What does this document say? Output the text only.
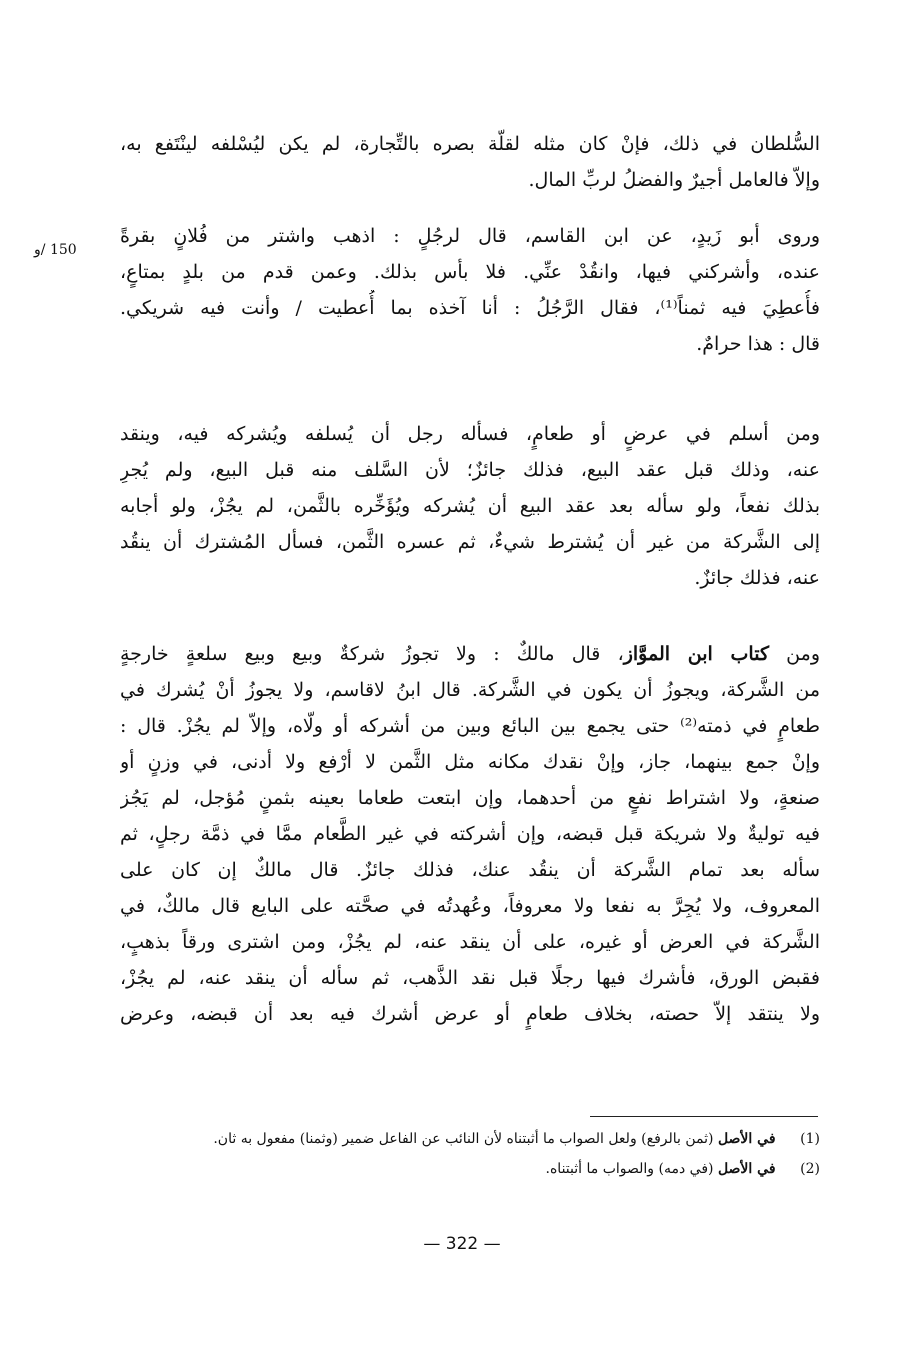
السُّلطان في ذلك، فإنْ كان مثله لقلّة بصره بالتِّجارة، لم يكن ليُسْلفه لينْتَفع به،
وإلاّ فالعامل أجيرٌ والفضلُ لربِّ المال.
وروى أبو زَيدٍ، عن ابن القاسم، قال لرجُلٍ : اذهب واشتر من فُلانٍ بقرةً
عنده، وأشركني فيها، وانقُدْ عنِّي. فلا بأس بذلك. وعمن قدم من بلدٍ بمتاعٍ،
فأُعطِيَ فيه ثمناً⁽¹⁾، فقال الرَّجُلُ : أنا آخذه بما أُعطيت / وأنت فيه شريكي.
قال : هذا حرامٌ.
150 /و
ومن أسلم في عرضٍ أو طعامٍ، فسأله رجل أن يُسلفه ويُشركه فيه، وينقد
عنه، وذلك قبل عقد البيع، فذلك جائزٌ؛ لأن السَّلف منه قبل البيع، ولم يُجرِ
بذلك نفعاً، ولو سأله بعد عقد البيع أن يُشركه ويُؤَخِّره بالثَّمن، لم يجُزْ، ولو أجابه
إلى الشَّركة من غير أن يُشترط شيءٌ، ثم عسره الثَّمن، فسأل المُشترك أن ينقُد
عنه، فذلك جائزٌ.
ومن كتاب ابن الموَّاز، قال مالكٌ : ولا تجوزُ شركةٌ وبيع وبيع سلعةٍ خارجةٍ
من الشَّركة، ويجوزُ أن يكون في الشَّركة. قال ابنُ لاقاسم، ولا يجوزُ أنْ يُشرك في
طعامٍ في ذمته⁽²⁾ حتى يجمع بين البائع وبين من أشركه أو ولّاه، وإلاّ لم يجُزْ. قال :
وإنْ جمع بينهما، جاز، وإنْ نقدك مكانه مثل الثَّمن لا أرْفع ولا أدنى، في وزنٍ أو
صنعةٍ، ولا اشتراط نفعٍ من أحدهما، وإن ابتعت طعاما بعينه بثمنٍ مُؤجل، لم يَجُز
فيه توليةٌ ولا شريكة قبل قبضه، وإن أشركته في غير الطَّعام ممَّا في ذمَّة رجلٍ، ثم
سأله بعد تمام الشَّركة أن ينقُد عنك، فذلك جائزٌ. قال مالكٌ إن كان على
المعروف، ولا يُجِرَّ به نفعا ولا معروفاً، وعُهدتُه في صحَّته على البايع قال مالكٌ، في
الشَّركة في العرض أو غيره، على أن ينقد عنه، لم يجُزْ، ومن اشترى ورقاً بذهبٍ،
فقبض الورق، فأشرك فيها رجلًا قبل نقد الذَّهب، ثم سأله أن ينقد عنه، لم يجُزْ،
ولا ينتقد إلاّ حصته، بخلاف طعامٍ أو عرض أشرك فيه بعد أن قبضه، وعرض
(1) في الأصل (ثمن بالرفع) ولعل الصواب ما أثبتناه لأن النائب عن الفاعل ضمير (وثمنا) مفعول به ثان.
(2) في الأصل (في دمه) والصواب ما أثبتناه.
— 322 —
